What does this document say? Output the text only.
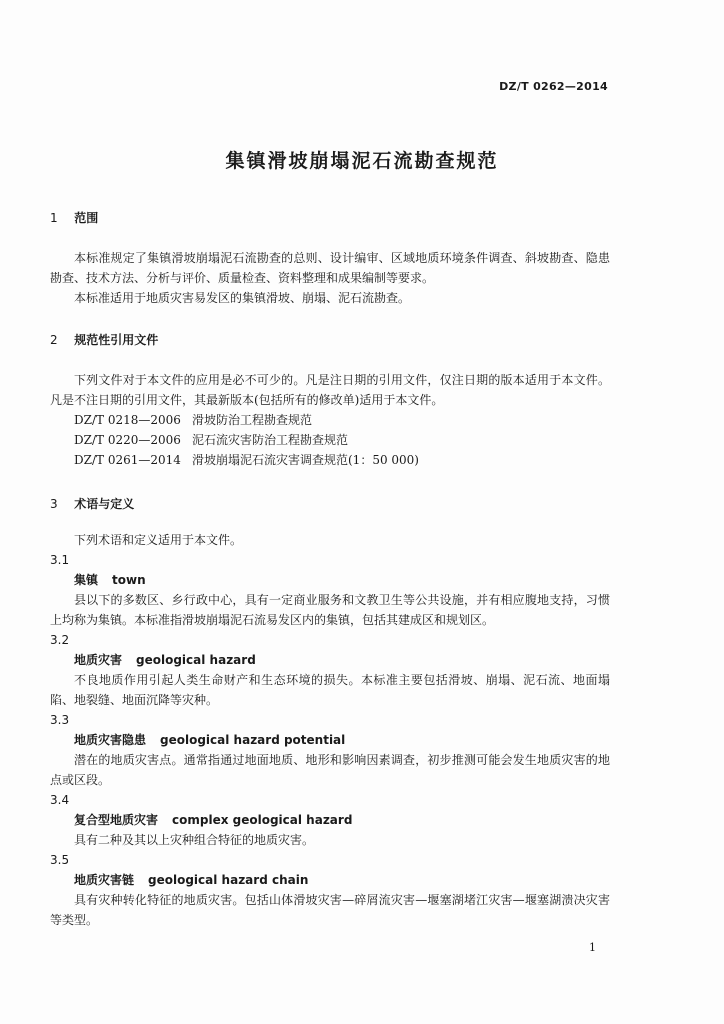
DZ/T 0262—2014
集镇滑坡崩塌泥石流勘查规范
1 范围

本标准规定了集镇滑坡崩塌泥石流勘查的总则、设计编审、区域地质环境条件调查、斜坡勘查、隐患勘查、技术方法、分析与评价、质量检查、资料整理和成果编制等要求。

本标准适用于地质灾害易发区的集镇滑坡、崩塌、泥石流勘查。

2 规范性引用文件

下列文件对于本文件的应用是必不可少的。凡是注日期的引用文件，仅注日期的版本适用于本文件。凡是不注日期的引用文件，其最新版本(包括所有的修改单)适用于本文件。

DZ/T 0218—2006 滑坡防治工程勘查规范

DZ/T 0220—2006 泥石流灾害防治工程勘查规范

DZ/T 0261—2014 滑坡崩塌泥石流灾害调查规范(1：50 000)

3 术语与定义

下列术语和定义适用于本文件。

3.1
集镇 town

县以下的多数区、乡行政中心，具有一定商业服务和文教卫生等公共设施，并有相应腹地支持，习惯上均称为集镇。本标准指滑坡崩塌泥石流易发区内的集镇，包括其建成区和规划区。

3.2
地质灾害 geological hazard

不良地质作用引起人类生命财产和生态环境的损失。本标准主要包括滑坡、崩塌、泥石流、地面塌陷、地裂缝、地面沉降等灾种。

3.3
地质灾害隐患 geological hazard potential

潜在的地质灾害点。通常指通过地面地质、地形和影响因素调查，初步推测可能会发生地质灾害的地点或区段。

3.4
复合型地质灾害 complex geological hazard

具有二种及其以上灾种组合特征的地质灾害。

3.5
地质灾害链 geological hazard chain

具有灾种转化特征的地质灾害。包括山体滑坡灾害—碎屑流灾害—堰塞湖堵江灾害—堰塞湖溃决灾害等类型。

1
